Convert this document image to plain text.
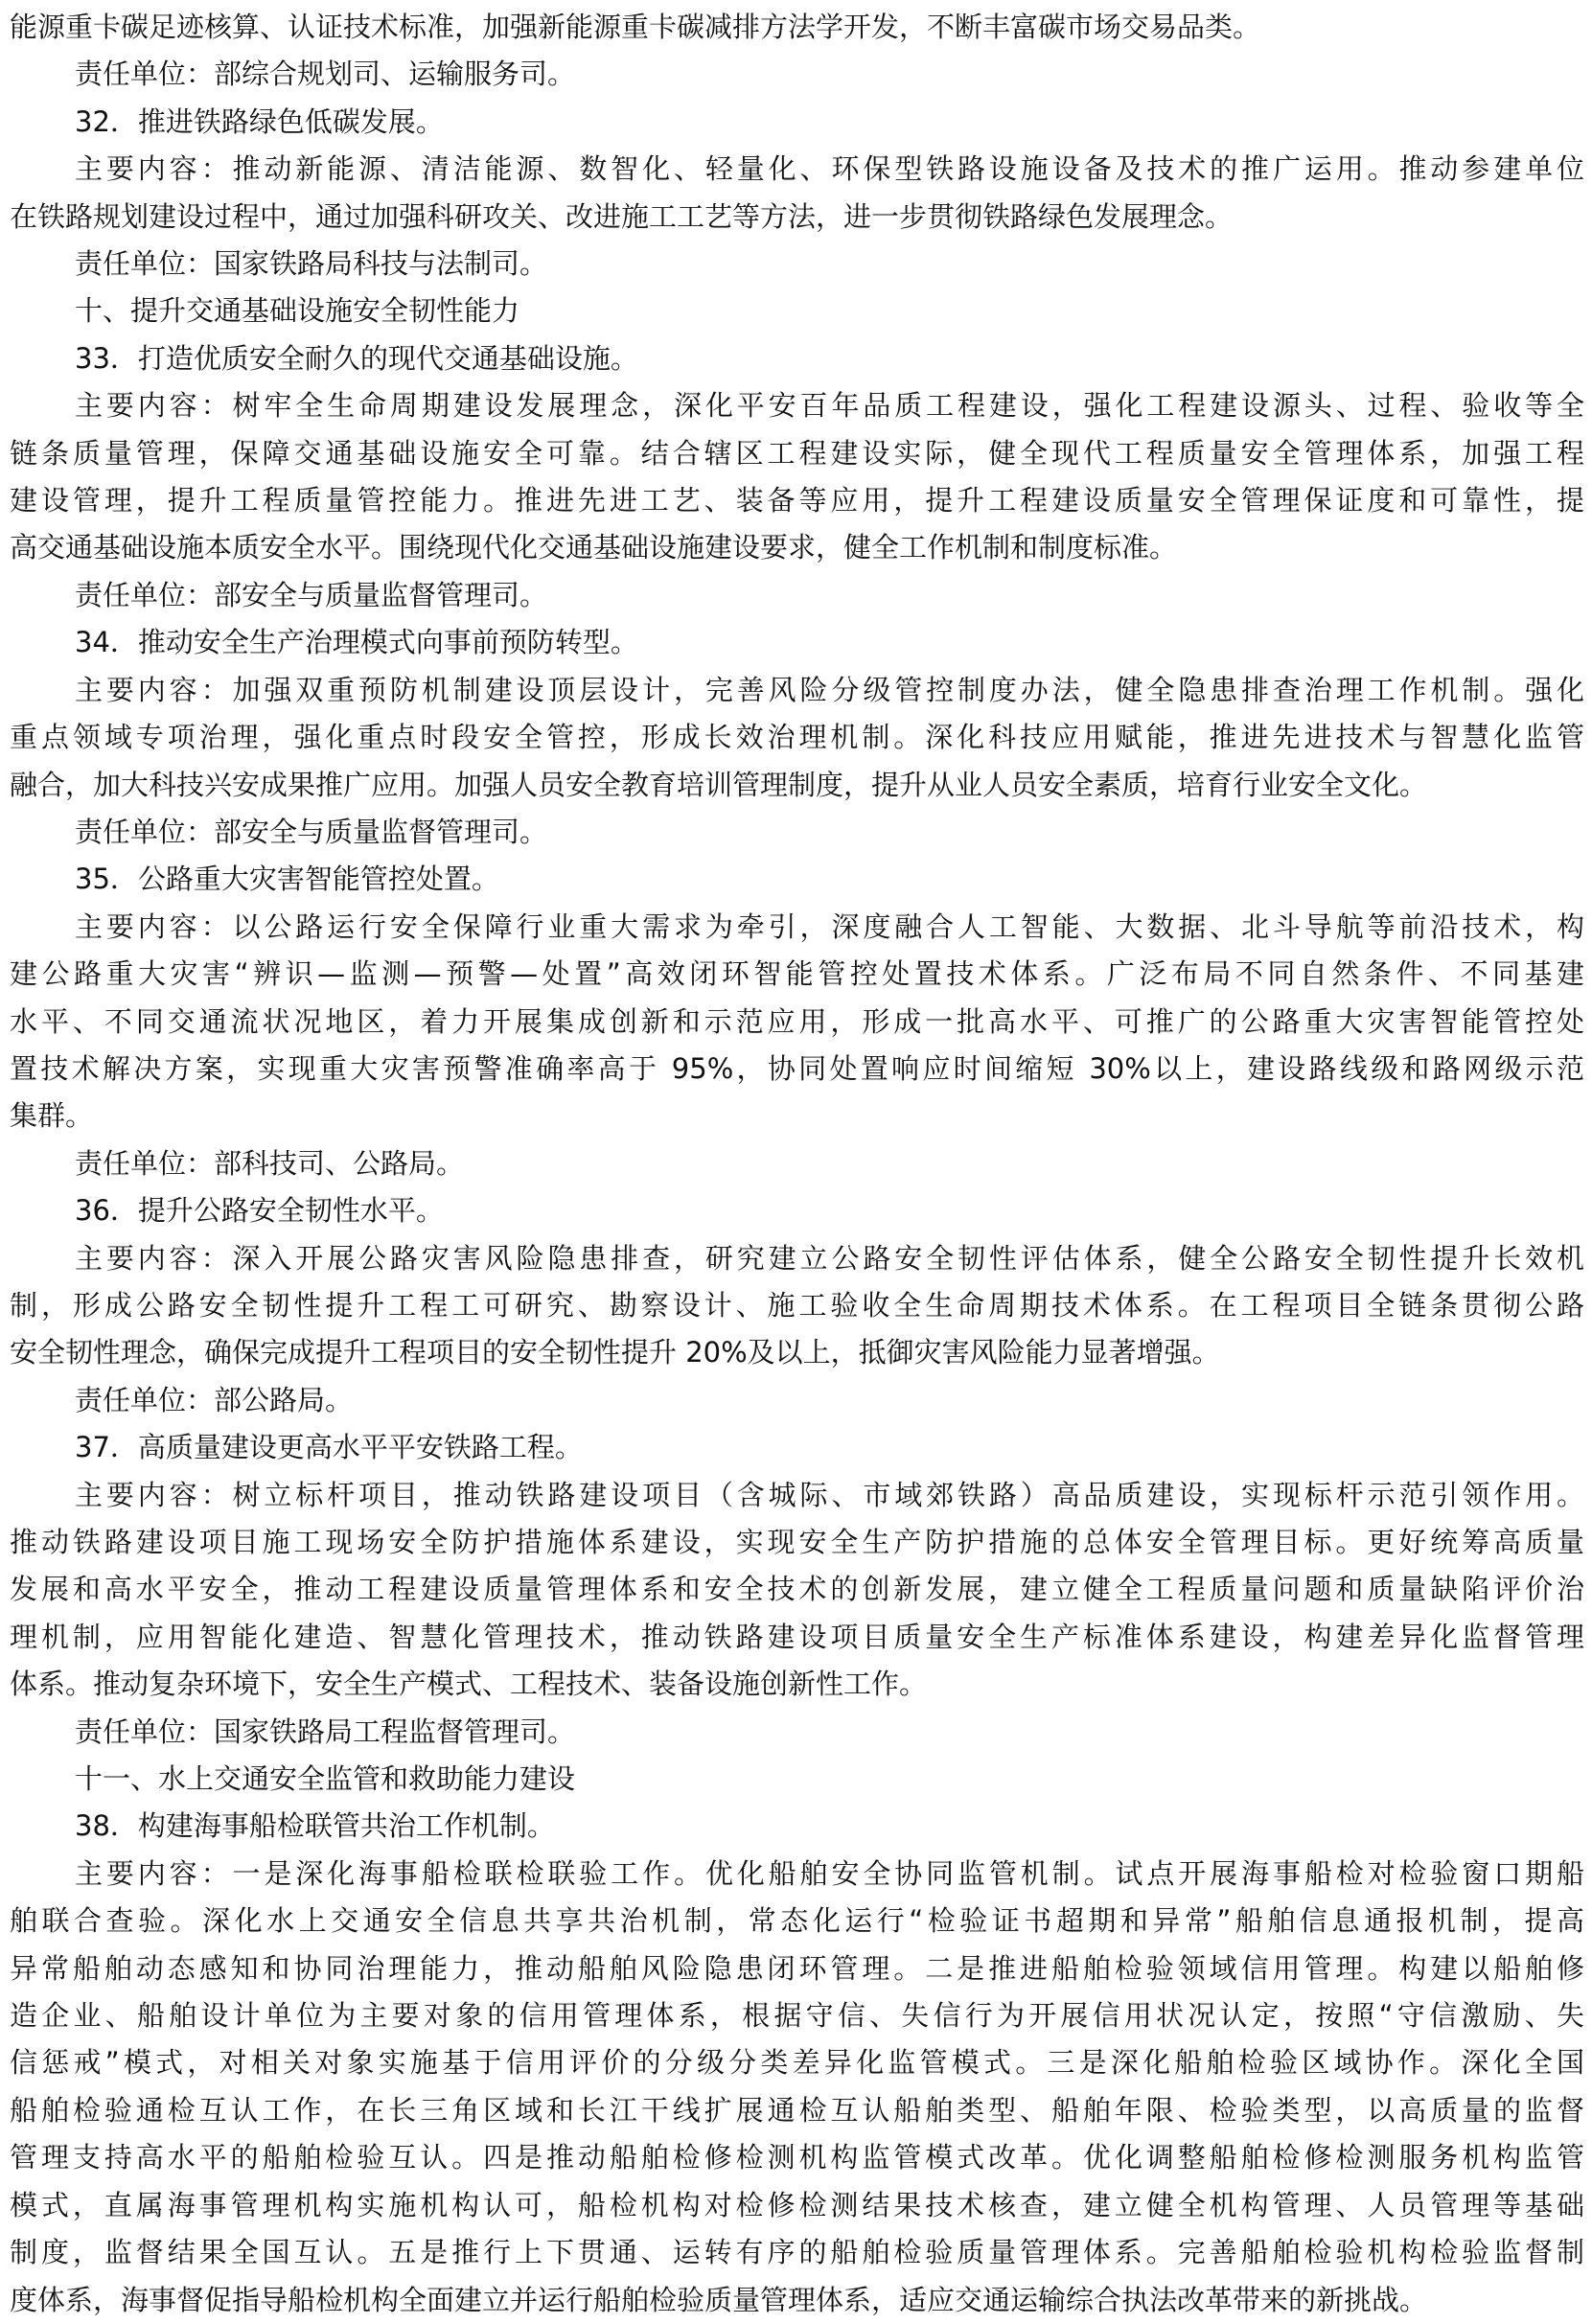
能源重卡碳足迹核算、认证技术标准，加强新能源重卡碳减排方法学开发，不断丰富碳市场交易品类。

责任单位：部综合规划司、运输服务司。

32．推进铁路绿色低碳发展。

主要内容：推动新能源、清洁能源、数智化、轻量化、环保型铁路设施设备及技术的推广运用。推动参建单位

在铁路规划建设过程中，通过加强科研攻关、改进施工工艺等方法，进一步贯彻铁路绿色发展理念。

责任单位：国家铁路局科技与法制司。

十、提升交通基础设施安全韧性能力

33．打造优质安全耐久的现代交通基础设施。

主要内容：树牢全生命周期建设发展理念，深化平安百年品质工程建设，强化工程建设源头、过程、验收等全

链条质量管理，保障交通基础设施安全可靠。结合辖区工程建设实际，健全现代工程质量安全管理体系，加强工程

建设管理，提升工程质量管控能力。推进先进工艺、装备等应用，提升工程建设质量安全管理保证度和可靠性，提

高交通基础设施本质安全水平。围绕现代化交通基础设施建设要求，健全工作机制和制度标准。

责任单位：部安全与质量监督管理司。

34．推动安全生产治理模式向事前预防转型。

主要内容：加强双重预防机制建设顶层设计，完善风险分级管控制度办法，健全隐患排查治理工作机制。强化

重点领域专项治理，强化重点时段安全管控，形成长效治理机制。深化科技应用赋能，推进先进技术与智慧化监管

融合，加大科技兴安成果推广应用。加强人员安全教育培训管理制度，提升从业人员安全素质，培育行业安全文化。

责任单位：部安全与质量监督管理司。

35．公路重大灾害智能管控处置。

主要内容：以公路运行安全保障行业重大需求为牵引，深度融合人工智能、大数据、北斗导航等前沿技术，构

建公路重大灾害“辨识—监测—预警—处置”高效闭环智能管控处置技术体系。广泛布局不同自然条件、不同基建

水平、不同交通流状况地区，着力开展集成创新和示范应用，形成一批高水平、可推广的公路重大灾害智能管控处

置技术解决方案，实现重大灾害预警准确率高于 95%，协同处置响应时间缩短 30%以上，建设路线级和路网级示范

集群。

责任单位：部科技司、公路局。

36．提升公路安全韧性水平。

主要内容：深入开展公路灾害风险隐患排查，研究建立公路安全韧性评估体系，健全公路安全韧性提升长效机

制，形成公路安全韧性提升工程工可研究、勘察设计、施工验收全生命周期技术体系。在工程项目全链条贯彻公路

安全韧性理念，确保完成提升工程项目的安全韧性提升 20%及以上，抵御灾害风险能力显著增强。

责任单位：部公路局。

37．高质量建设更高水平平安铁路工程。

主要内容：树立标杆项目，推动铁路建设项目（含城际、市域郊铁路）高品质建设，实现标杆示范引领作用。

推动铁路建设项目施工现场安全防护措施体系建设，实现安全生产防护措施的总体安全管理目标。更好统筹高质量

发展和高水平安全，推动工程建设质量管理体系和安全技术的创新发展，建立健全工程质量问题和质量缺陷评价治

理机制，应用智能化建造、智慧化管理技术，推动铁路建设项目质量安全生产标准体系建设，构建差异化监督管理

体系。推动复杂环境下，安全生产模式、工程技术、装备设施创新性工作。

责任单位：国家铁路局工程监督管理司。

十一、水上交通安全监管和救助能力建设

38．构建海事船检联管共治工作机制。

主要内容：一是深化海事船检联检联验工作。优化船舶安全协同监管机制。试点开展海事船检对检验窗口期船

舶联合查验。深化水上交通安全信息共享共治机制，常态化运行“检验证书超期和异常”船舶信息通报机制，提高

异常船舶动态感知和协同治理能力，推动船舶风险隐患闭环管理。二是推进船舶检验领域信用管理。构建以船舶修

造企业、船舶设计单位为主要对象的信用管理体系，根据守信、失信行为开展信用状况认定，按照“守信激励、失

信惩戒”模式，对相关对象实施基于信用评价的分级分类差异化监管模式。三是深化船舶检验区域协作。深化全国

船舶检验通检互认工作，在长三角区域和长江干线扩展通检互认船舶类型、船舶年限、检验类型，以高质量的监督

管理支持高水平的船舶检验互认。四是推动船舶检修检测机构监管模式改革。优化调整船舶检修检测服务机构监管

模式，直属海事管理机构实施机构认可，船检机构对检修检测结果技术核查，建立健全机构管理、人员管理等基础

制度，监督结果全国互认。五是推行上下贯通、运转有序的船舶检验质量管理体系。完善船舶检验机构检验监督制

度体系，海事督促指导船检机构全面建立并运行船舶检验质量管理体系，适应交通运输综合执法改革带来的新挑战。
